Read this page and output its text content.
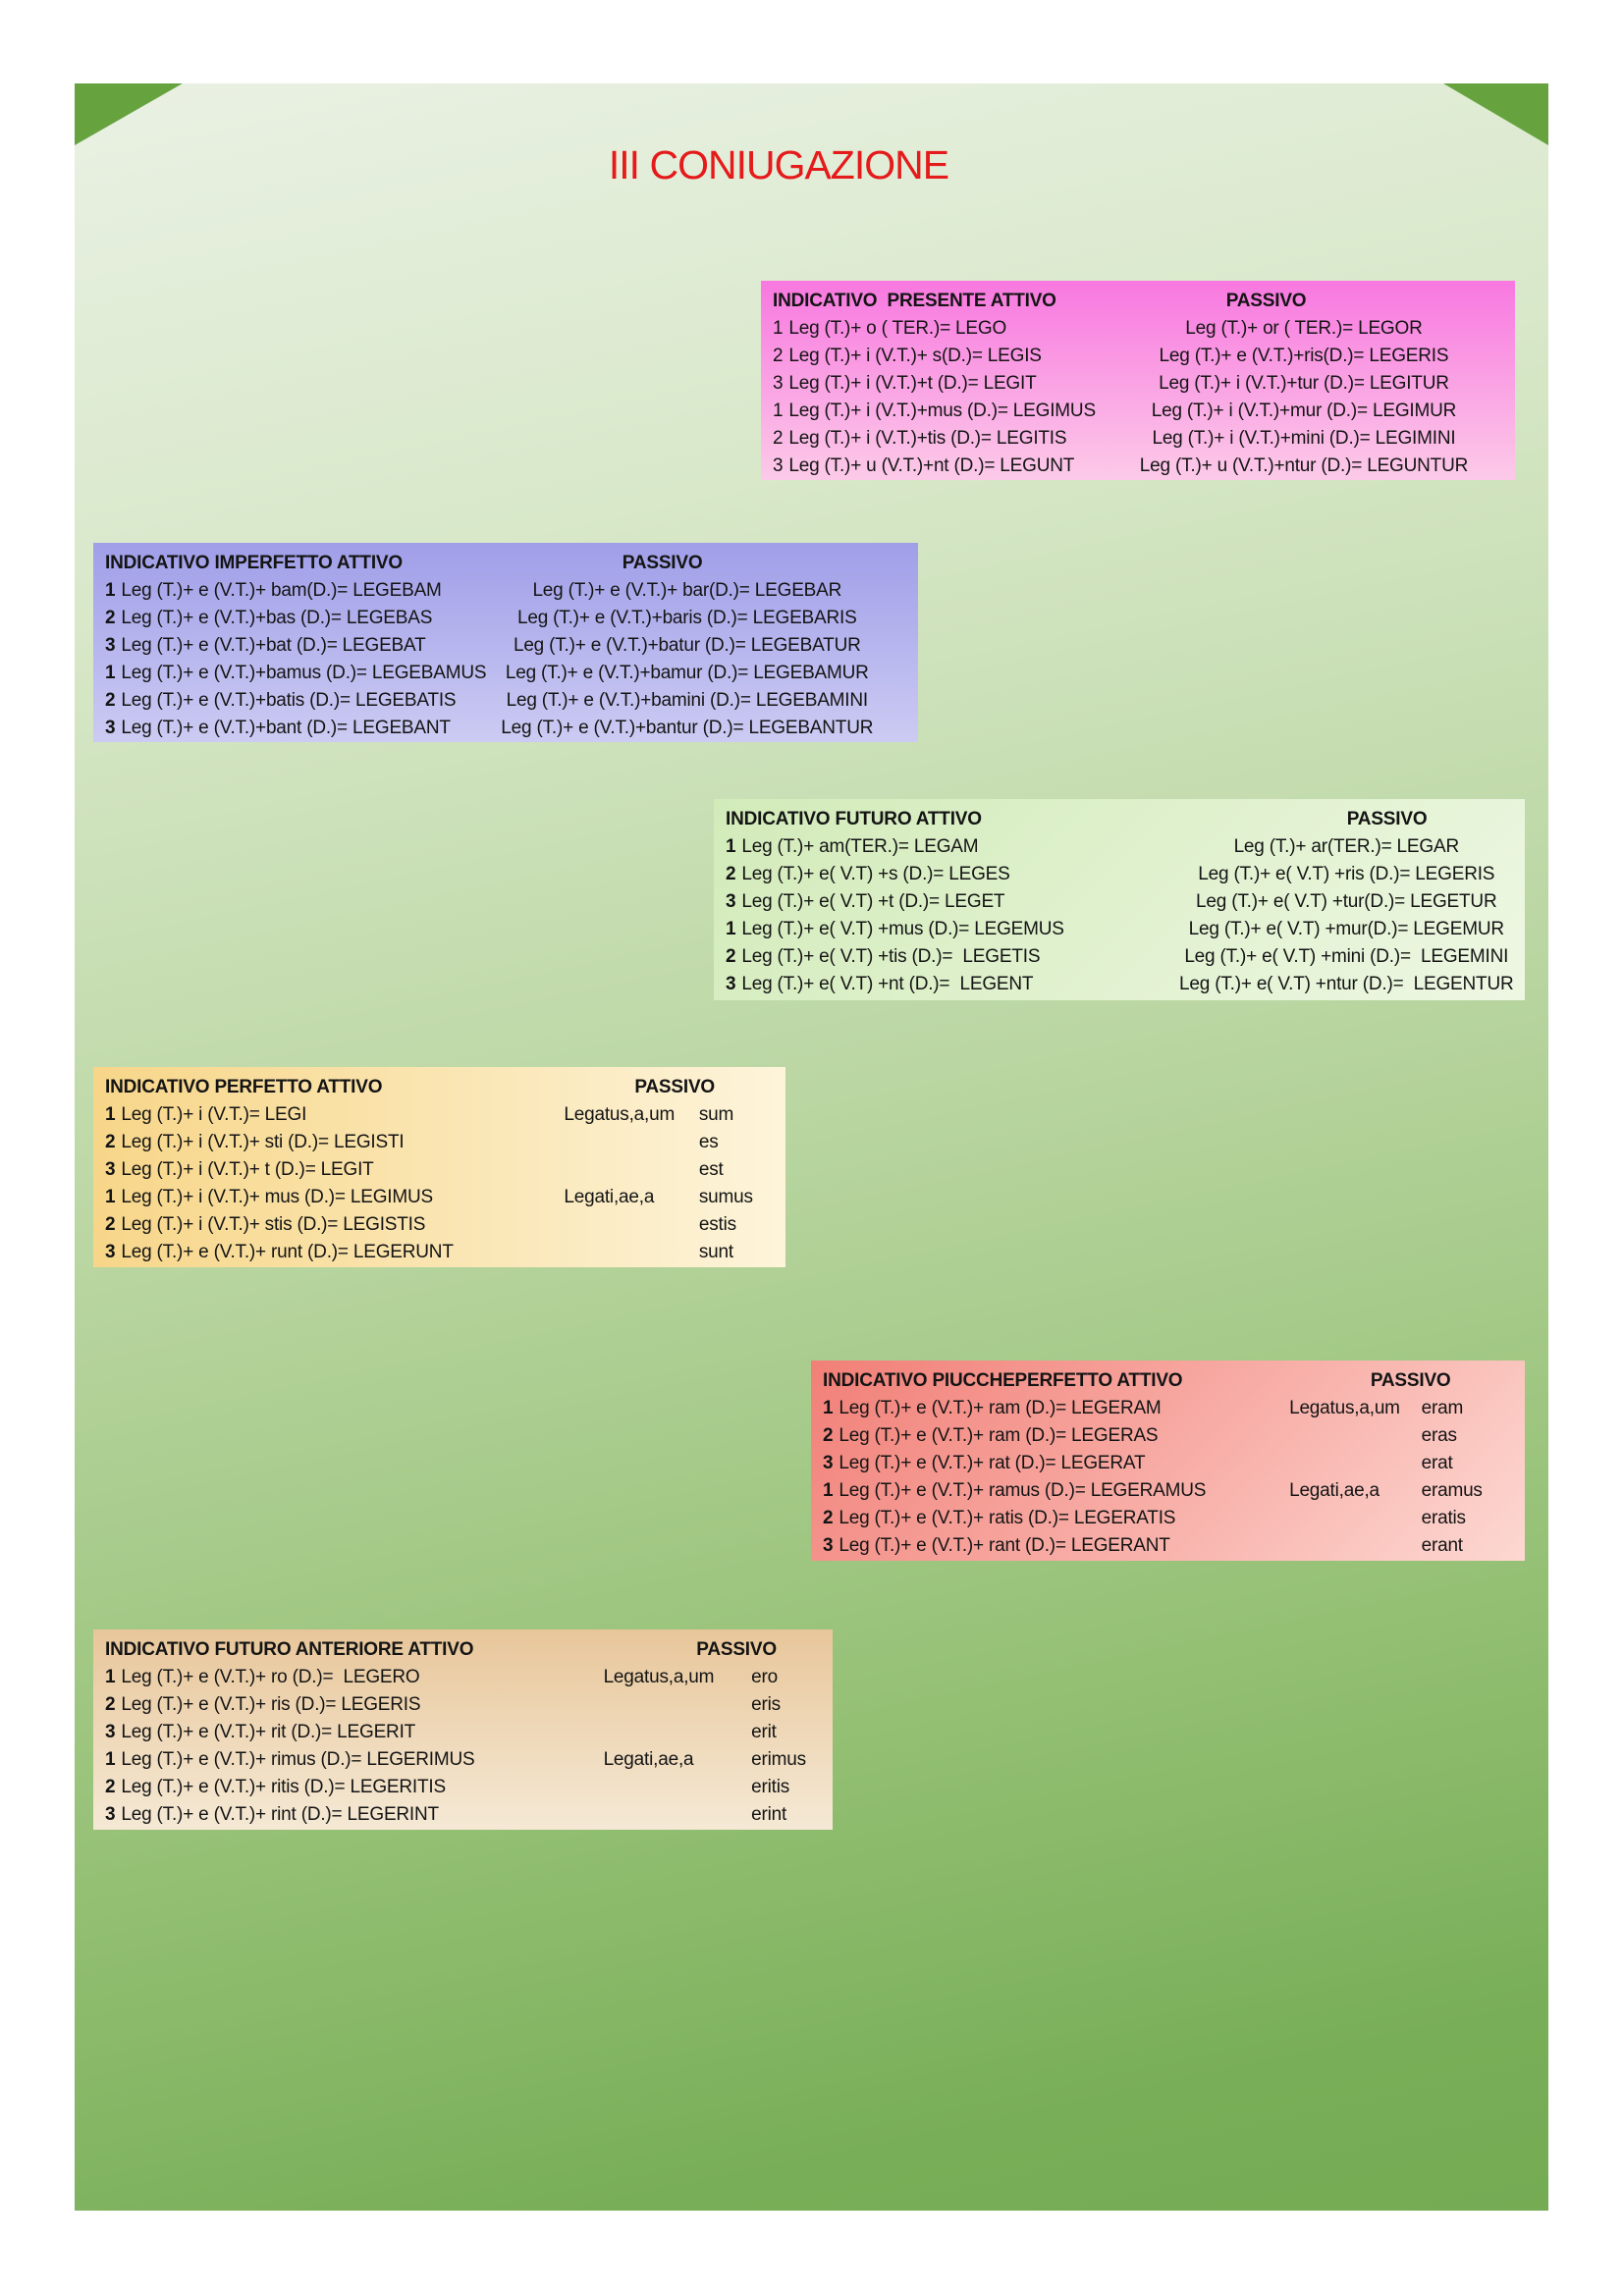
III CONIUGAZIONE
INDICATIVO  PRESENTE ATTIVO	PASSIVO
1 Leg (T.)+ o ( TER.)= LEGO	Leg (T.)+ or ( TER.)= LEGOR
2 Leg (T.)+ i (V.T.)+ s(D.)= LEGIS	Leg (T.)+ e (V.T.)+ris(D.)= LEGERIS
3 Leg (T.)+ i (V.T.)+t (D.)= LEGIT	Leg (T.)+ i (V.T.)+tur (D.)= LEGITUR
1 Leg (T.)+ i (V.T.)+mus (D.)= LEGIMUS	Leg (T.)+ i (V.T.)+mur (D.)= LEGIMUR
2 Leg (T.)+ i (V.T.)+tis (D.)= LEGITIS	Leg (T.)+ i (V.T.)+mini (D.)= LEGIMINI
3 Leg (T.)+ u (V.T.)+nt (D.)= LEGUNT	Leg (T.)+ u (V.T.)+ntur (D.)= LEGUNTUR
INDICATIVO IMPERFETTO ATTIVO	PASSIVO
1 Leg (T.)+ e (V.T.)+ bam(D.)= LEGEBAM	Leg (T.)+ e (V.T.)+ bar(D.)= LEGEBAR
2 Leg (T.)+ e (V.T.)+bas (D.)= LEGEBAS	Leg (T.)+ e (V.T.)+baris (D.)= LEGEBARIS
3 Leg (T.)+ e (V.T.)+bat (D.)= LEGEBAT	Leg (T.)+ e (V.T.)+batur (D.)= LEGEBATUR
1 Leg (T.)+ e (V.T.)+bamus (D.)= LEGEBAMUS	Leg (T.)+ e (V.T.)+bamur (D.)= LEGEBAMUR
2 Leg (T.)+ e (V.T.)+batis (D.)= LEGEBATIS	Leg (T.)+ e (V.T.)+bamini (D.)= LEGEBAMINI
3 Leg (T.)+ e (V.T.)+bant (D.)= LEGEBANT	Leg (T.)+ e (V.T.)+bantur (D.)= LEGEBANTUR
INDICATIVO FUTURO ATTIVO	PASSIVO
1 Leg (T.)+ am(TER.)= LEGAM	Leg (T.)+ ar(TER.)= LEGAR
2 Leg (T.)+ e( V.T) +s (D.)= LEGES	Leg (T.)+ e( V.T) +ris (D.)= LEGERIS
3 Leg (T.)+ e( V.T) +t (D.)= LEGET	Leg (T.)+ e( V.T) +tur(D.)= LEGETUR
1 Leg (T.)+ e( V.T) +mus (D.)= LEGEMUS	Leg (T.)+ e( V.T) +mur(D.)= LEGEMUR
2 Leg (T.)+ e( V.T) +tis (D.)=  LEGETIS	Leg (T.)+ e( V.T) +mini (D.)=  LEGEMINI
3 Leg (T.)+ e( V.T) +nt (D.)=  LEGENT	Leg (T.)+ e( V.T) +ntur (D.)=  LEGENTUR
INDICATIVO PERFETTO ATTIVO	PASSIVO
1 Leg (T.)+ i (V.T.)= LEGI	Legatus,a,um sum
2 Leg (T.)+ i (V.T.)+ sti (D.)= LEGISTI	es
3 Leg (T.)+ i (V.T.)+ t (D.)= LEGIT	est
1 Leg (T.)+ i (V.T.)+ mus (D.)= LEGIMUS	Legati,ae,a sumus
2 Leg (T.)+ i (V.T.)+ stis (D.)= LEGISTIS	estis
3 Leg (T.)+ e (V.T.)+ runt (D.)= LEGERUNT	sunt
INDICATIVO PIUCCHEPERFETTO ATTIVO	PASSIVO
1 Leg (T.)+ e (V.T.)+ ram (D.)= LEGERAM	Legatus,a,um eram
2 Leg (T.)+ e (V.T.)+ ram (D.)= LEGERAS	eras
3 Leg (T.)+ e (V.T.)+ rat (D.)= LEGERAT	erat
1 Leg (T.)+ e (V.T.)+ ramus (D.)= LEGERAMUS	Legati,ae,a eramus
2 Leg (T.)+ e (V.T.)+ ratis (D.)= LEGERATIS	eratis
3 Leg (T.)+ e (V.T.)+ rant (D.)= LEGERANT	erant
INDICATIVO FUTURO ANTERIORE ATTIVO	PASSIVO
1 Leg (T.)+ e (V.T.)+ ro (D.)=  LEGERO	Legatus,a,um ero
2 Leg (T.)+ e (V.T.)+ ris (D.)= LEGERIS	eris
3 Leg (T.)+ e (V.T.)+ rit (D.)= LEGERIT	erit
1 Leg (T.)+ e (V.T.)+ rimus (D.)= LEGERIMUS	Legati,ae,a	erimus
2 Leg (T.)+ e (V.T.)+ ritis (D.)= LEGERITIS	eritis
3 Leg (T.)+ e (V.T.)+ rint (D.)= LEGERINT	erint
